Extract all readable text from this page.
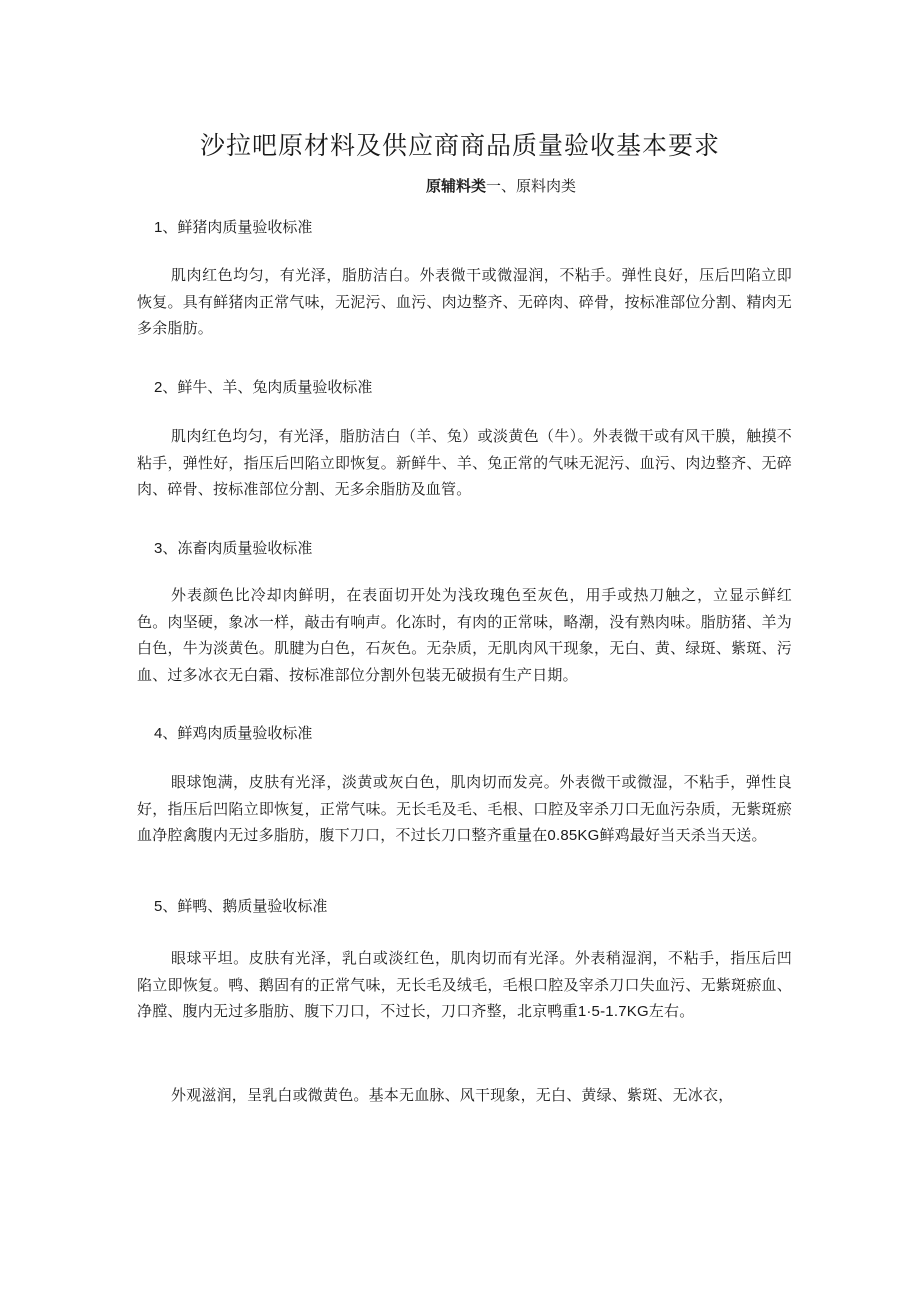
沙拉吧原材料及供应商商品质量验收基本要求
原辅料类一、原料肉类
1、鲜猪肉质量验收标准
肌肉红色均匀，有光泽，脂肪洁白。外表微干或微湿润，不粘手。弹性良好，压后凹陷立即恢复。具有鲜猪肉正常气味，无泥污、血污、肉边整齐、无碎肉、碎骨，按标准部位分割、精肉无多余脂肪。
2、鲜牛、羊、兔肉质量验收标准
肌肉红色均匀，有光泽，脂肪洁白（羊、兔）或淡黄色（牛）。外表微干或有风干膜，触摸不粘手，弹性好，指压后凹陷立即恢复。新鲜牛、羊、兔正常的气味无泥污、血污、肉边整齐、无碎肉、碎骨、按标准部位分割、无多余脂肪及血管。
3、冻畜肉质量验收标准
外表颜色比冷却肉鲜明，在表面切开处为浅玫瑰色至灰色，用手或热刀触之，立显示鲜红色。肉坚硬，象冰一样，敲击有响声。化冻时，有肉的正常味，略潮，没有熟肉味。脂肪猪、羊为白色，牛为淡黄色。肌腱为白色，石灰色。无杂质，无肌肉风干现象，无白、黄、绿斑、紫斑、污血、过多冰衣无白霜、按标准部位分割外包装无破损有生产日期。
4、鲜鸡肉质量验收标准
眼球饱满，皮肤有光泽，淡黄或灰白色，肌肉切而发亮。外表微干或微湿，不粘手，弹性良好，指压后凹陷立即恢复，正常气味。无长毛及毛、毛根、口腔及宰杀刀口无血污杂质，无紫斑瘀血净腔禽腹内无过多脂肪，腹下刀口，不过长刀口整齐重量在0.85KG鲜鸡最好当天杀当天送。
5、鲜鸭、鹅质量验收标准
眼球平坦。皮肤有光泽，乳白或淡红色，肌肉切而有光泽。外表稍湿润，不粘手，指压后凹陷立即恢复。鸭、鹅固有的正常气味，无长毛及绒毛，毛根口腔及宰杀刀口失血污、无紫斑瘀血、净膛、腹内无过多脂肪、腹下刀口，不过长，刀口齐整，北京鸭重1·5-1.7KG左右。
外观滋润，呈乳白或微黄色。基本无血脉、风干现象，无白、黄绿、紫斑、无冰衣，
